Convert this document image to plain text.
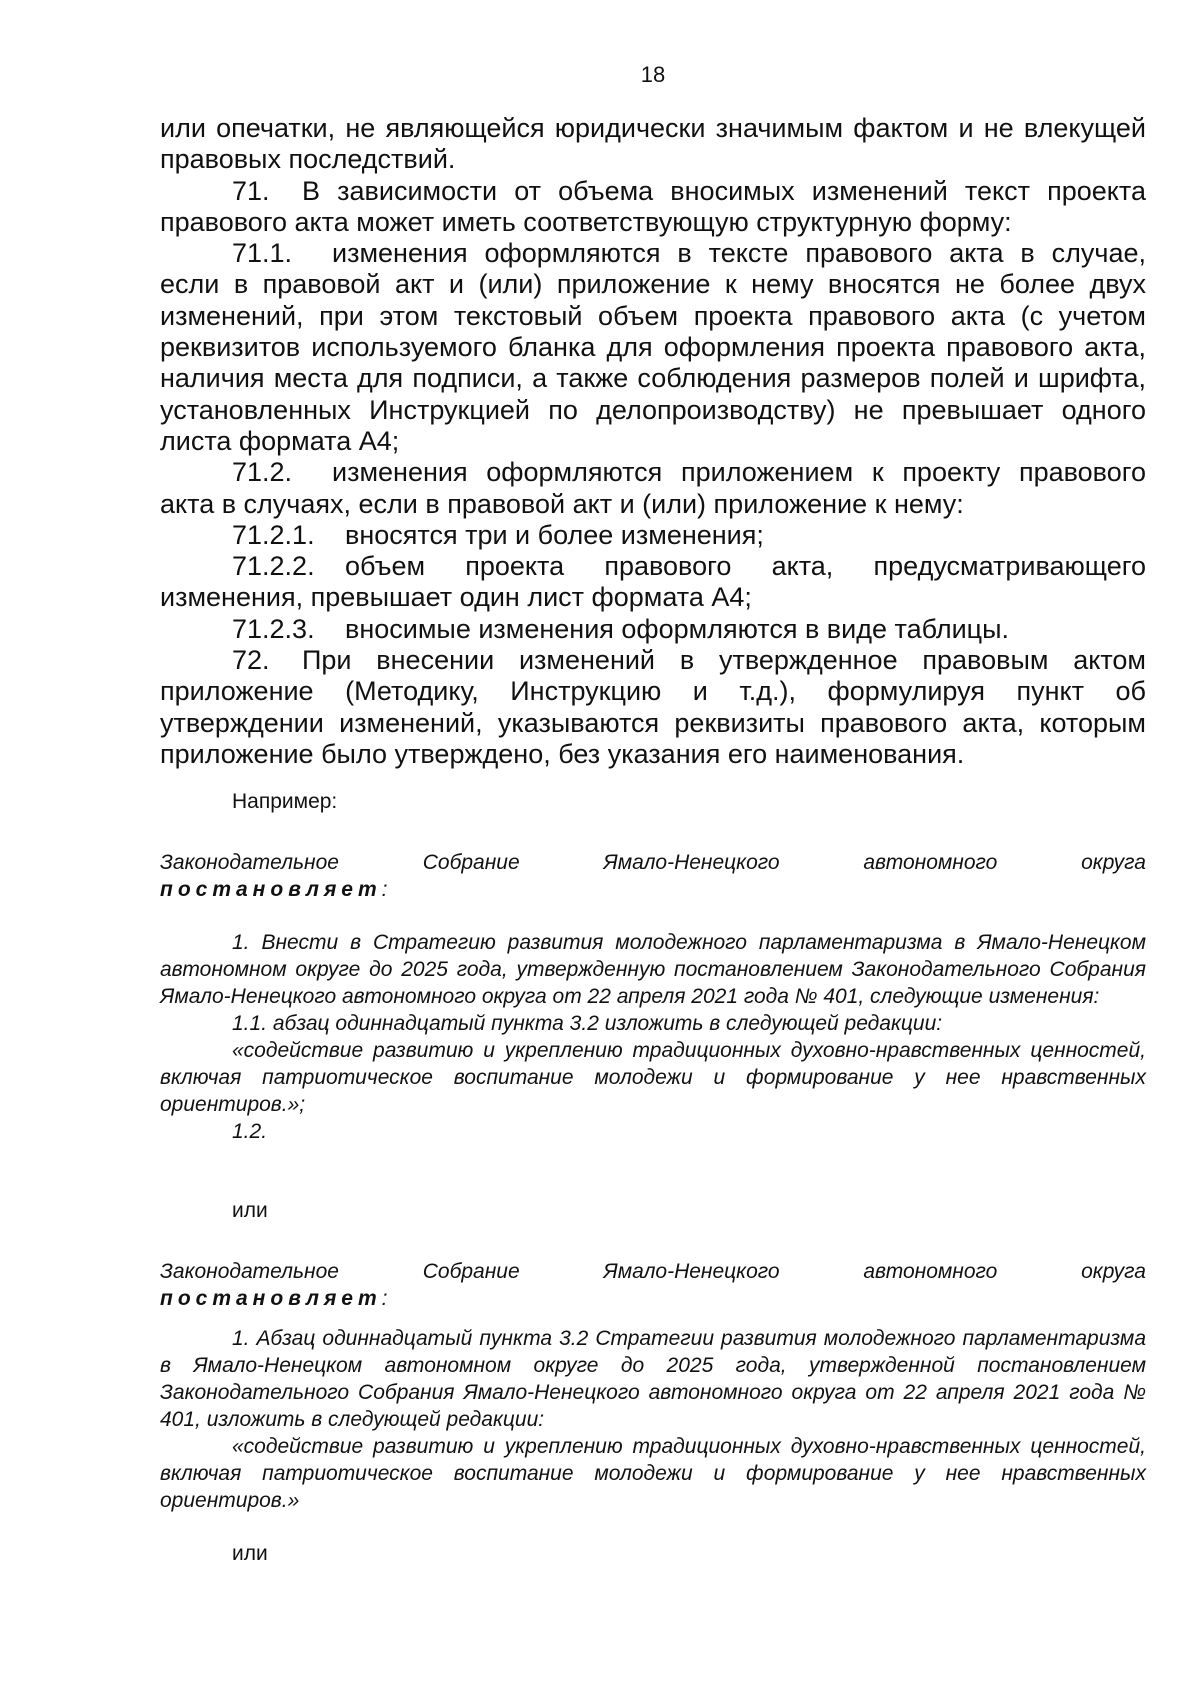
18

или опечатки, не являющейся юридически значимым фактом и не влекущей правовых последствий.

71. В зависимости от объема вносимых изменений текст проекта правового акта может иметь соответствующую структурную форму:

71.1. изменения оформляются в тексте правового акта в случае, если в правовой акт и (или) приложение к нему вносятся не более двух изменений, при этом текстовый объем проекта правового акта (с учетом реквизитов используемого бланка для оформления проекта правового акта, наличия места для подписи, а также соблюдения размеров полей и шрифта, установленных Инструкцией по делопроизводству) не превышает одного листа формата А4;

71.2. изменения оформляются приложением к проекту правового акта в случаях, если в правовой акт и (или) приложение к нему:

71.2.1. вносятся три и более изменения;

71.2.2. объем проекта правового акта, предусматривающего изменения, превышает один лист формата А4;

71.2.3. вносимые изменения оформляются в виде таблицы.

72. При внесении изменений в утвержденное правовым актом приложение (Методику, Инструкцию и т.д.), формулируя пункт об утверждении изменений, указываются реквизиты правового акта, которым приложение было утверждено, без указания его наименования.

Например:

Законодательное Собрание Ямало-Ненецкого автономного округа

постановляет:

1. Внести в Стратегию развития молодежного парламентаризма в Ямало-Ненецком автономном округе до 2025 года, утвержденную постановлением Законодательного Собрания Ямало-Ненецкого автономного округа от 22 апреля 2021 года № 401, следующие изменения:

1.1. абзац одиннадцатый пункта 3.2 изложить в следующей редакции:

«содействие развитию и укреплению традиционных духовно-нравственных ценностей, включая патриотическое воспитание молодежи и формирование у нее нравственных ориентиров.»;

1.2.

или

Законодательное Собрание Ямало-Ненецкого автономного округа

постановляет:

1. Абзац одиннадцатый пункта 3.2 Стратегии развития молодежного парламентаризма в Ямало-Ненецком автономном округе до 2025 года, утвержденной постановлением Законодательного Собрания Ямало-Ненецкого автономного округа от 22 апреля 2021 года № 401, изложить в следующей редакции:

«содействие развитию и укреплению традиционных духовно-нравственных ценностей, включая патриотическое воспитание молодежи и формирование у нее нравственных ориентиров.»

или
